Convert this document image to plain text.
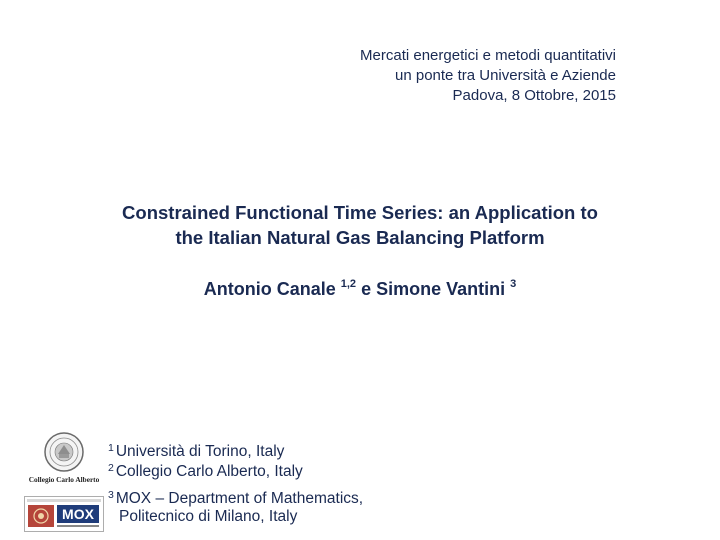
Mercati energetici e metodi quantitativi
un ponte tra Università e Aziende
Padova, 8 Ottobre, 2015
Constrained Functional Time Series: an Application to
the Italian Natural Gas Balancing Platform
Antonio Canale $^{1,2}$ e Simone Vantini $^3$
Collegio Carlo Alberto
MOX
$^1$ Università di Torino, Italy
$^2$ Collegio Carlo Alberto, Italy
$^3$ MOX – Department of Mathematics,
Politecnico di Milano, Italy
